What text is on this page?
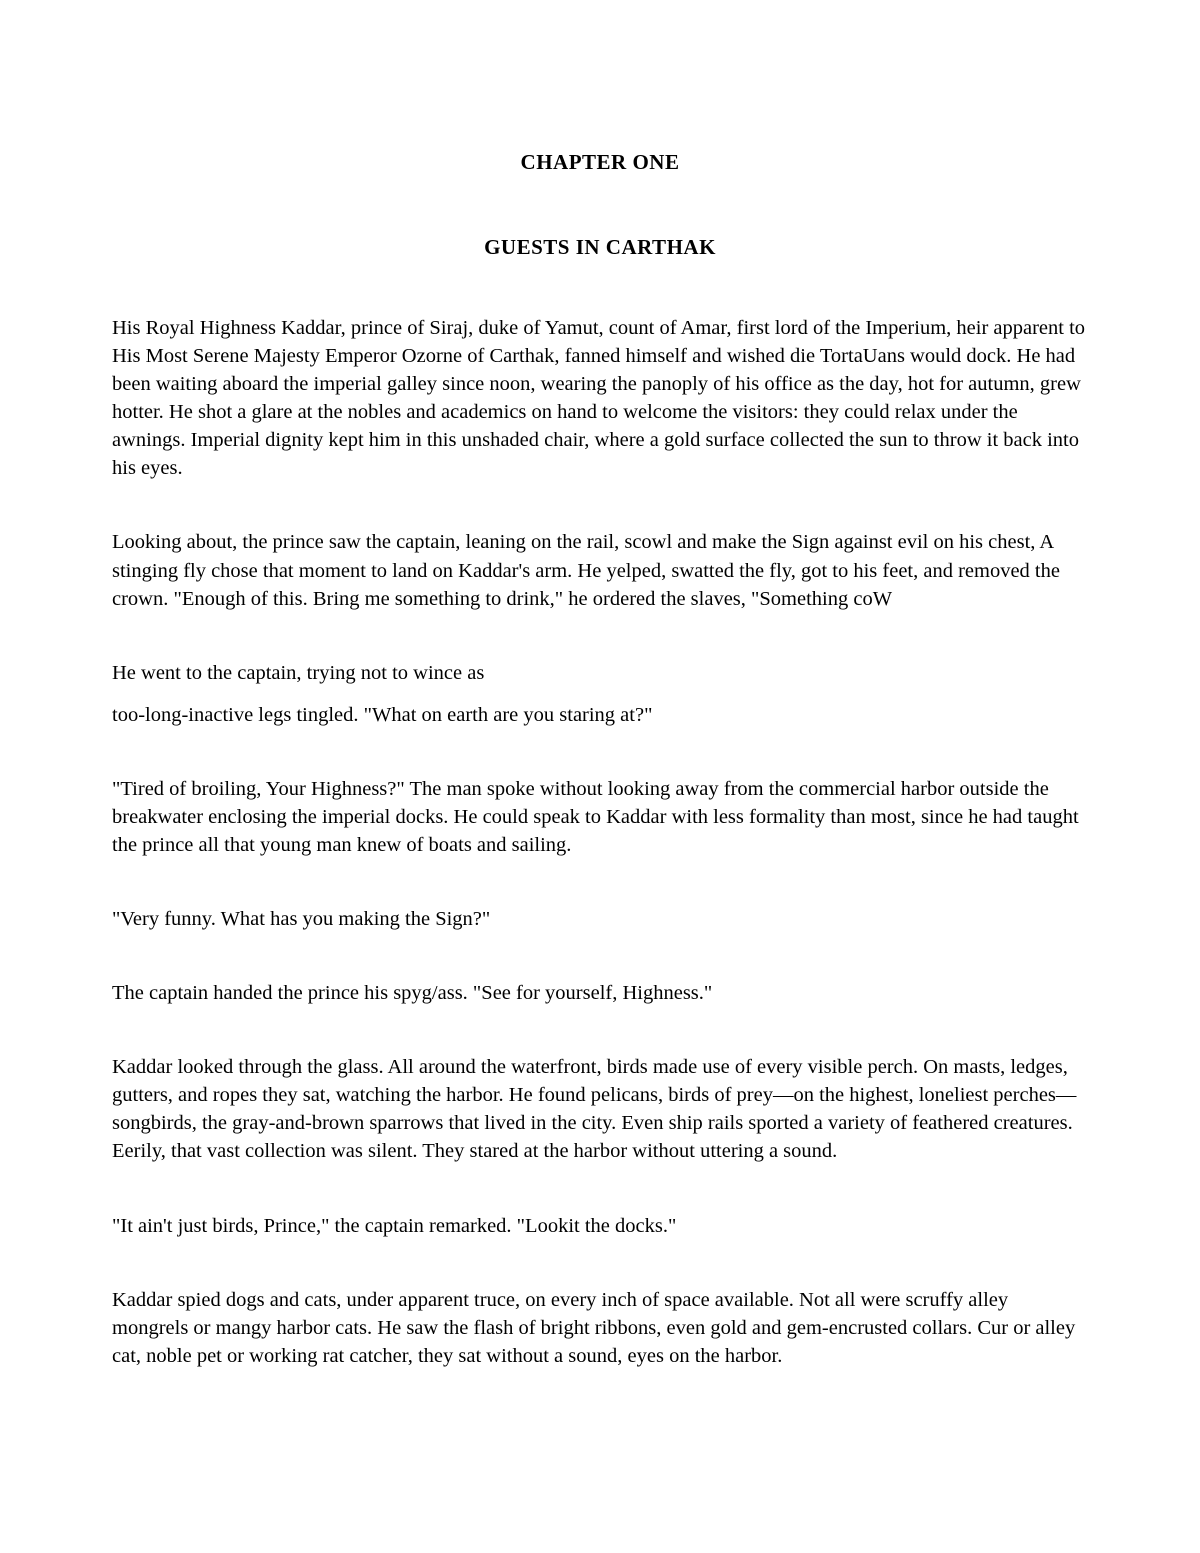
CHAPTER ONE
GUESTS IN CARTHAK

His Royal Highness Kaddar, prince of Siraj, duke of Yamut, count of Amar, first lord of the Imperium, heir apparent to His Most Serene Majesty Emperor Ozorne of Carthak, fanned himself and wished die TortaUans would dock. He had been waiting aboard the imperial galley since noon, wearing the panoply of his office as the day, hot for autumn, grew hotter. He shot a glare at the nobles and academics on hand to welcome the visitors: they could relax under the awnings. Imperial dignity kept him in this unshaded chair, where a gold surface collected the sun to throw it back into his eyes.

Looking about, the prince saw the captain, leaning on the rail, scowl and make the Sign against evil on his chest, A stinging fly chose that moment to land on Kaddar's arm. He yelped, swatted the fly, got to his feet, and removed the crown. "Enough of this. Bring me something to drink," he ordered the slaves, "Something coW

He went to the captain, trying not to wince as

too-long-inactive legs tingled. "What on earth are you staring at?"

"Tired of broiling, Your Highness?" The man spoke without looking away from the commercial harbor outside the breakwater enclosing the imperial docks. He could speak to Kaddar with less formality than most, since he had taught the prince all that young man knew of boats and sailing.

"Very funny. What has you making the Sign?"

The captain handed the prince his spyg/ass. "See for yourself, Highness."

Kaddar looked through the glass. All around the waterfront, birds made use of every visible perch. On masts, ledges, gutters, and ropes they sat, watching the harbor. He found pelicans, birds of prey—on the highest, loneliest perches—songbirds, the gray-and-brown sparrows that lived in the city. Even ship rails sported a variety of feathered creatures. Eerily, that vast collection was silent. They stared at the harbor without uttering a sound.

"It ain't just birds, Prince," the captain remarked. "Lookit the docks."

Kaddar spied dogs and cats, under apparent truce, on every inch of space available. Not all were scruffy alley mongrels or mangy harbor cats. He saw the flash of bright ribbons, even gold and gem-encrusted collars. Cur or alley cat, noble pet or working rat catcher, they sat without a sound, eyes on the harbor.
